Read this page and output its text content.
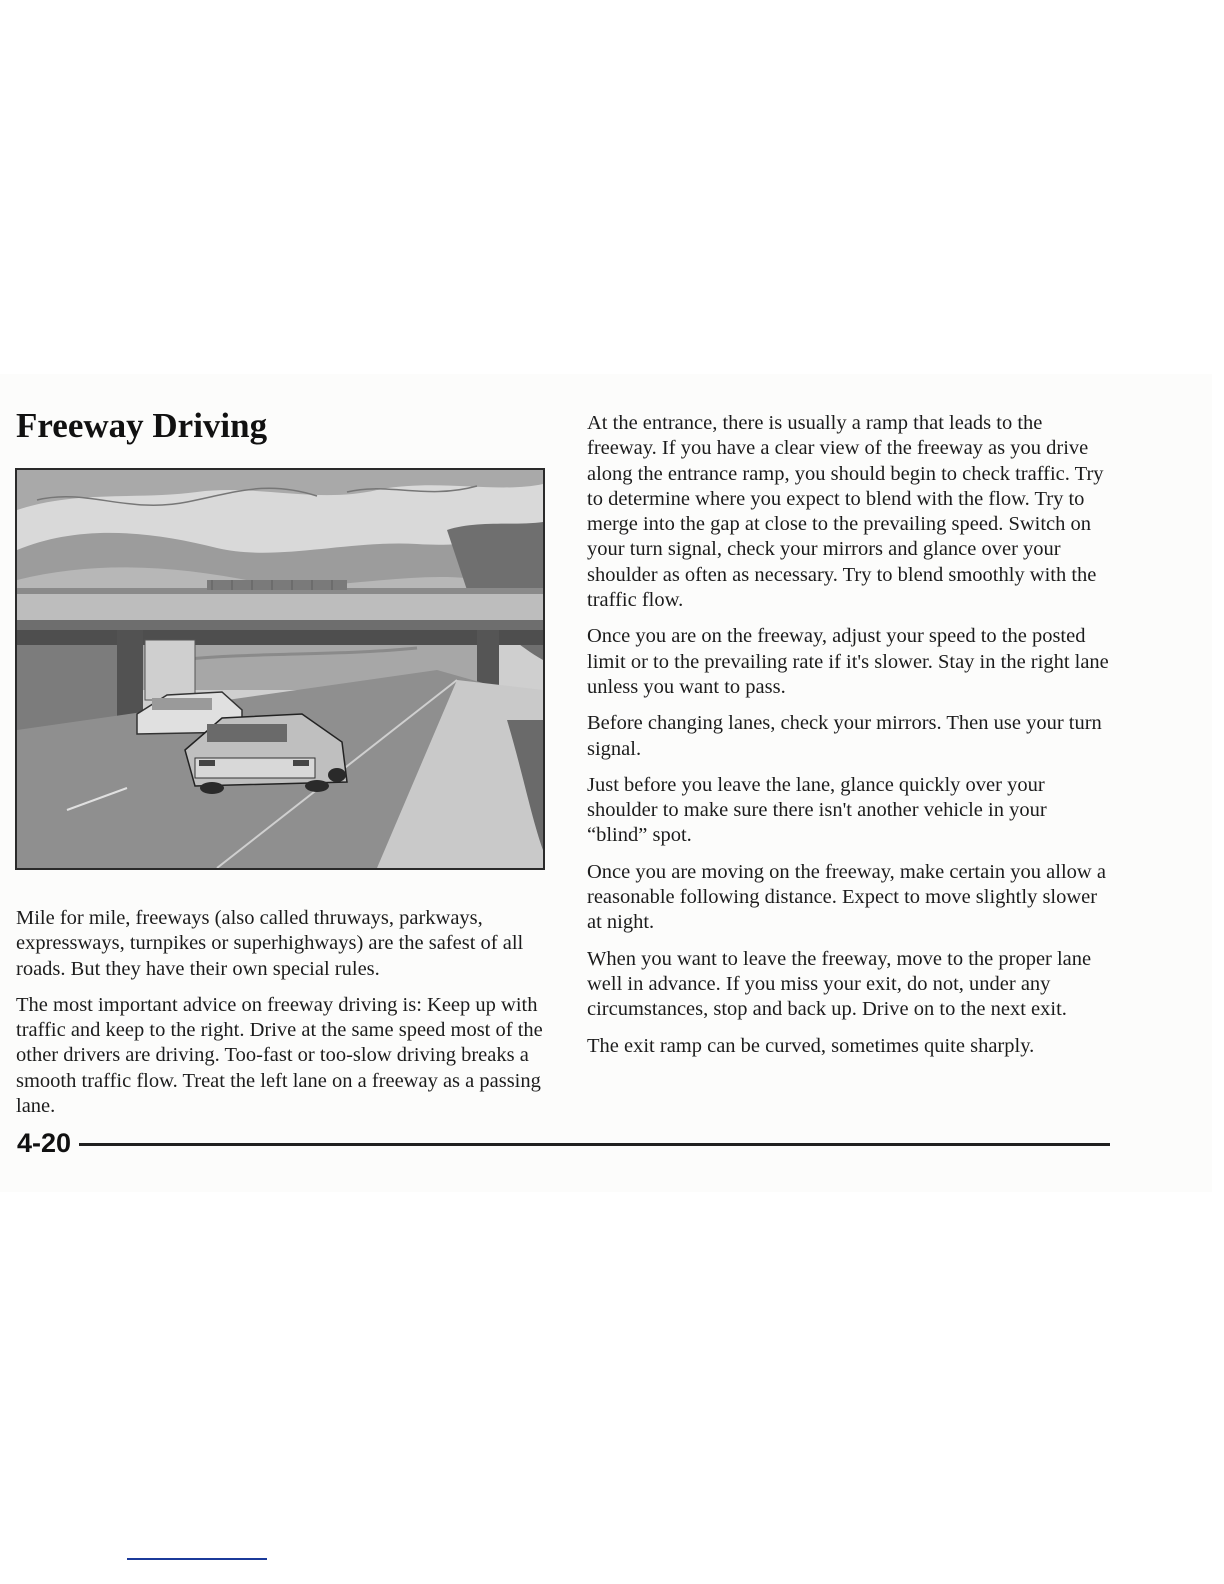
Freeway Driving

Mile for mile, freeways (also called thruways, parkways, expressways, turnpikes or superhighways) are the safest of all roads. But they have their own special rules.

The most important advice on freeway driving is: Keep up with traffic and keep to the right. Drive at the same speed most of the other drivers are driving. Too-fast or too-slow driving breaks a smooth traffic flow. Treat the left lane on a freeway as a passing lane.

At the entrance, there is usually a ramp that leads to the freeway. If you have a clear view of the freeway as you drive along the entrance ramp, you should begin to check traffic. Try to determine where you expect to blend with the flow. Try to merge into the gap at close to the prevailing speed. Switch on your turn signal, check your mirrors and glance over your shoulder as often as necessary. Try to blend smoothly with the traffic flow.

Once you are on the freeway, adjust your speed to the posted limit or to the prevailing rate if it's slower. Stay in the right lane unless you want to pass.

Before changing lanes, check your mirrors. Then use your turn signal.

Just before you leave the lane, glance quickly over your shoulder to make sure there isn't another vehicle in your “blind” spot.

Once you are moving on the freeway, make certain you allow a reasonable following distance. Expect to move slightly slower at night.

When you want to leave the freeway, move to the proper lane well in advance. If you miss your exit, do not, under any circumstances, stop and back up. Drive on to the next exit.

The exit ramp can be curved, sometimes quite sharply.

4-20
